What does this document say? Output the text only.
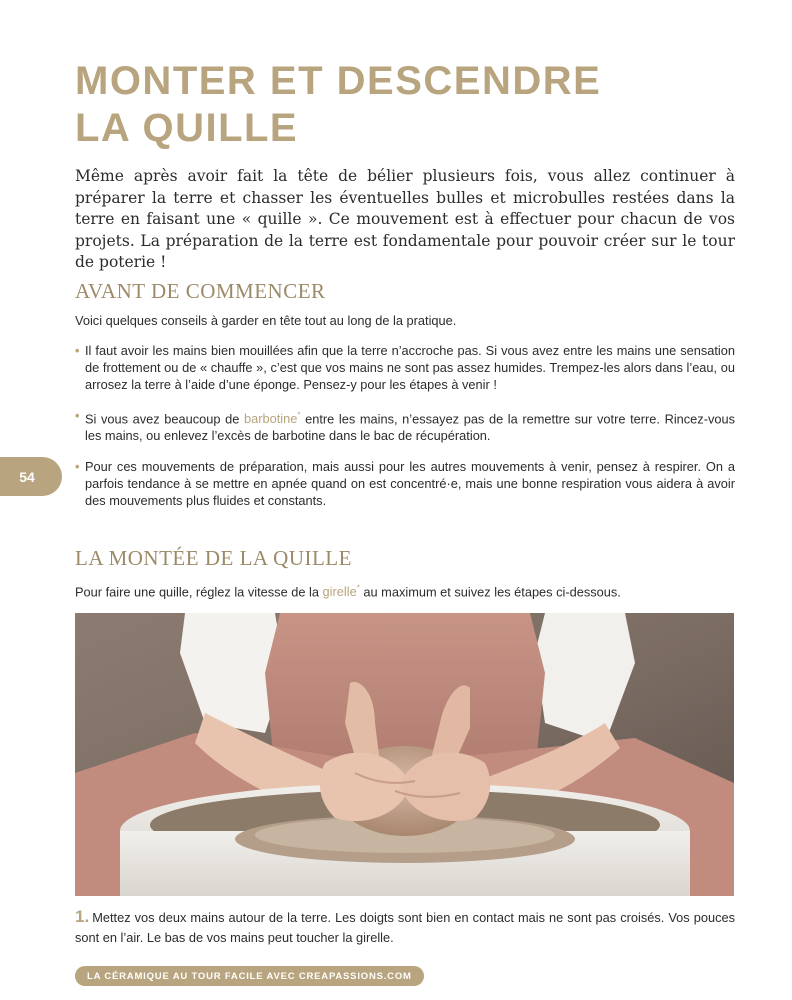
MONTER ET DESCENDRE
LA QUILLE

Même après avoir fait la tête de bélier plusieurs fois, vous allez continuer à préparer la terre et chasser les éventuelles bulles et microbulles restées dans la terre en faisant une « quille ». Ce mouvement est à effectuer pour chacun de vos projets. La préparation de la terre est fondamentale pour pouvoir créer sur le tour de poterie !

AVANT DE COMMENCER

Voici quelques conseils à garder en tête tout au long de la pratique.

• Il faut avoir les mains bien mouillées afin que la terre n’accroche pas. Si vous avez entre les mains une sensation de frottement ou de « chauffe », c’est que vos mains ne sont pas assez humides. Trempez-les alors dans l’eau, ou arrosez la terre à l’aide d’une éponge. Pensez-y pour les étapes à venir !
• Si vous avez beaucoup de barbotine* entre les mains, n’essayez pas de la remettre sur votre terre. Rincez-vous les mains, ou enlevez l’excès de barbotine dans le bac de récupération.
• Pour ces mouvements de préparation, mais aussi pour les autres mouvements à venir, pensez à respirer. On a parfois tendance à se mettre en apnée quand on est concentré·e, mais une bonne respiration vous aidera à avoir des mouvements plus fluides et constants.
54
LA MONTÉE DE LA QUILLE

Pour faire une quille, réglez la vitesse de la girelle* au maximum et suivez les étapes ci-dessous.

1. Mettez vos deux mains autour de la terre. Les doigts sont bien en contact mais ne sont pas croisés. Vos pouces sont en l’air. Le bas de vos mains peut toucher la girelle.

LA CÉRAMIQUE AU TOUR FACILE AVEC CREAPASSIONS.COM
